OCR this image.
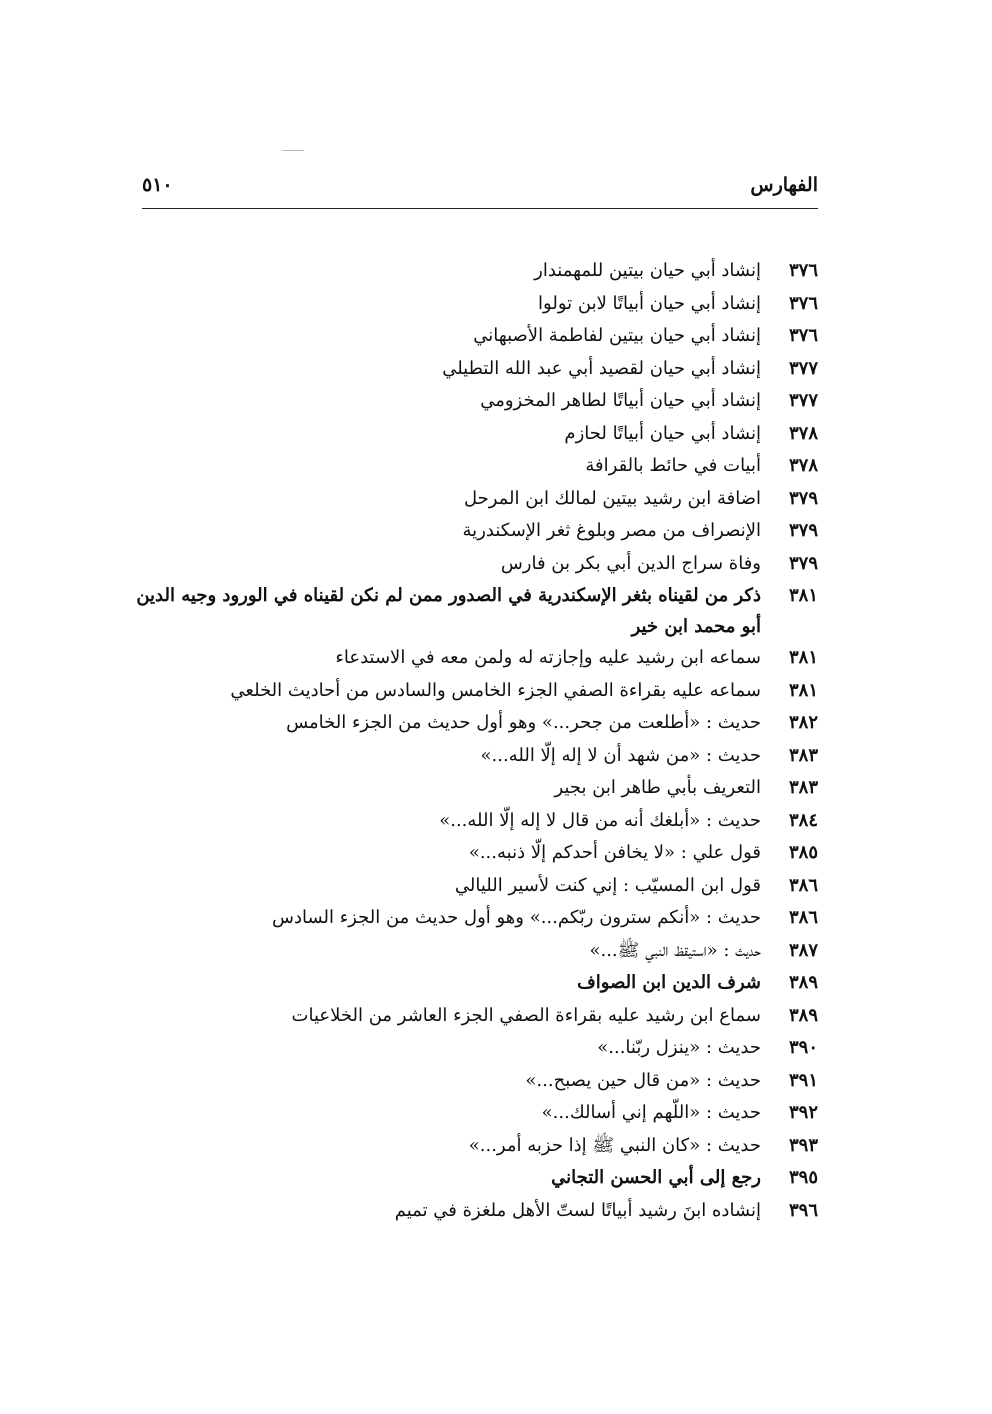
الفهارس
٥١٠
٣٧٦
إنشاد أبي حيان بيتين للمهمندار
٣٧٦
إنشاد أبي حيان أبياتًا لابن تولوا
٣٧٦
إنشاد أبي حيان بيتين لفاطمة الأصبهاني
٣٧٧
إنشاد أبي حيان لقصيد أبي عبد الله التطيلي
٣٧٧
إنشاد أبي حيان أبياتًا لطاهر المخزومي
٣٧٨
إنشاد أبي حيان أبياتًا لحازم
٣٧٨
أبيات في حائط بالقرافة
٣٧٩
اضافة ابن رشيد بيتين لمالك ابن المرحل
٣٧٩
الإنصراف من مصر وبلوغ ثغر الإسكندرية
٣٧٩
وفاة سراج الدين أبي بكر بن فارس
٣٨١
ذكر من لقيناه بثغر الإسكندرية في الصدور ممن لم نكن لقيناه في الورود وجيه الدين أبو محمد ابن خير
٣٨١
سماعه ابن رشيد عليه وإجازته له ولمن معه في الاستدعاء
٣٨١
سماعه عليه بقراءة الصفي الجزء الخامس والسادس من أحاديث الخلعي
٣٨٢
حديث : «أطلعت من جحر...» وهو أول حديث من الجزء الخامس
٣٨٣
حديث : «من شهد أن لا إله إلّا الله...»
٣٨٣
التعريف بأبي طاهر ابن بجير
٣٨٤
حديث : «أبلغك أنه من قال لا إله إلّا الله...»
٣٨٥
قول علي : «لا يخافن أحدكم إلّا ذنبه...»
٣٨٦
قول ابن المسيّب : إني كنت لأسير الليالي
٣٨٦
حديث : «أنكم سترون ربّكم...» وهو أول حديث من الجزء السادس
٣٨٧
حديث : «استيقظ النبي ﷺ...»
٣٨٩
شرف الدين ابن الصواف
٣٨٩
سماع ابن رشيد عليه بقراءة الصفي الجزء العاشر من الخلاعيات
٣٩٠
حديث : «ينزل ربّنا...»
٣٩١
حديث : «من قال حين يصبح...»
٣٩٢
حديث : «اللّهم إني أسالك...»
٣٩٣
حديث : «كان النبي ﷺ إذا حزبه أمر...»
٣٩٥
رجع إلى أبي الحسن التجاني
٣٩٦
إنشاده ابنَ رشيد أبياتًا لستّ الأهل ملغزة في تميم
